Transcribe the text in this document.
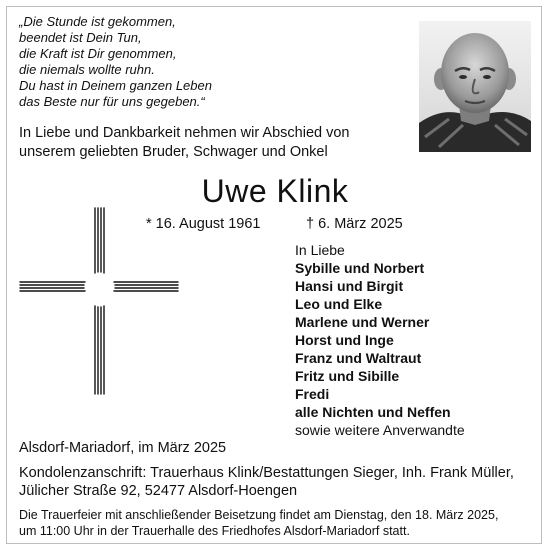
„Die Stunde ist gekommen,
beendet ist Dein Tun,
die Kraft ist Dir genommen,
die niemals wollte ruhn.
Du hast in Deinem ganzen Leben
das Beste nur für uns gegeben.“
In Liebe und Dankbarkeit nehmen wir Abschied von
unserem geliebten Bruder, Schwager und Onkel
Uwe Klink
* 16. August 1961	† 6. März 2025
In Liebe
Sybille und Norbert
Hansi und Birgit
Leo und Elke
Marlene und Werner
Horst und Inge
Franz und Waltraut
Fritz und Sibille
Fredi
alle Nichten und Neffen
sowie weitere Anverwandte
Alsdorf-Mariadorf, im März 2025
Kondolenzanschrift: Trauerhaus Klink/Bestattungen Sieger, Inh. Frank Müller,
Jülicher Straße 92, 52477 Alsdorf-Hoengen
Die Trauerfeier mit anschließender Beisetzung findet am Dienstag, den 18. März 2025,
um 11:00 Uhr in der Trauerhalle des Friedhofes Alsdorf-Mariadorf statt.
